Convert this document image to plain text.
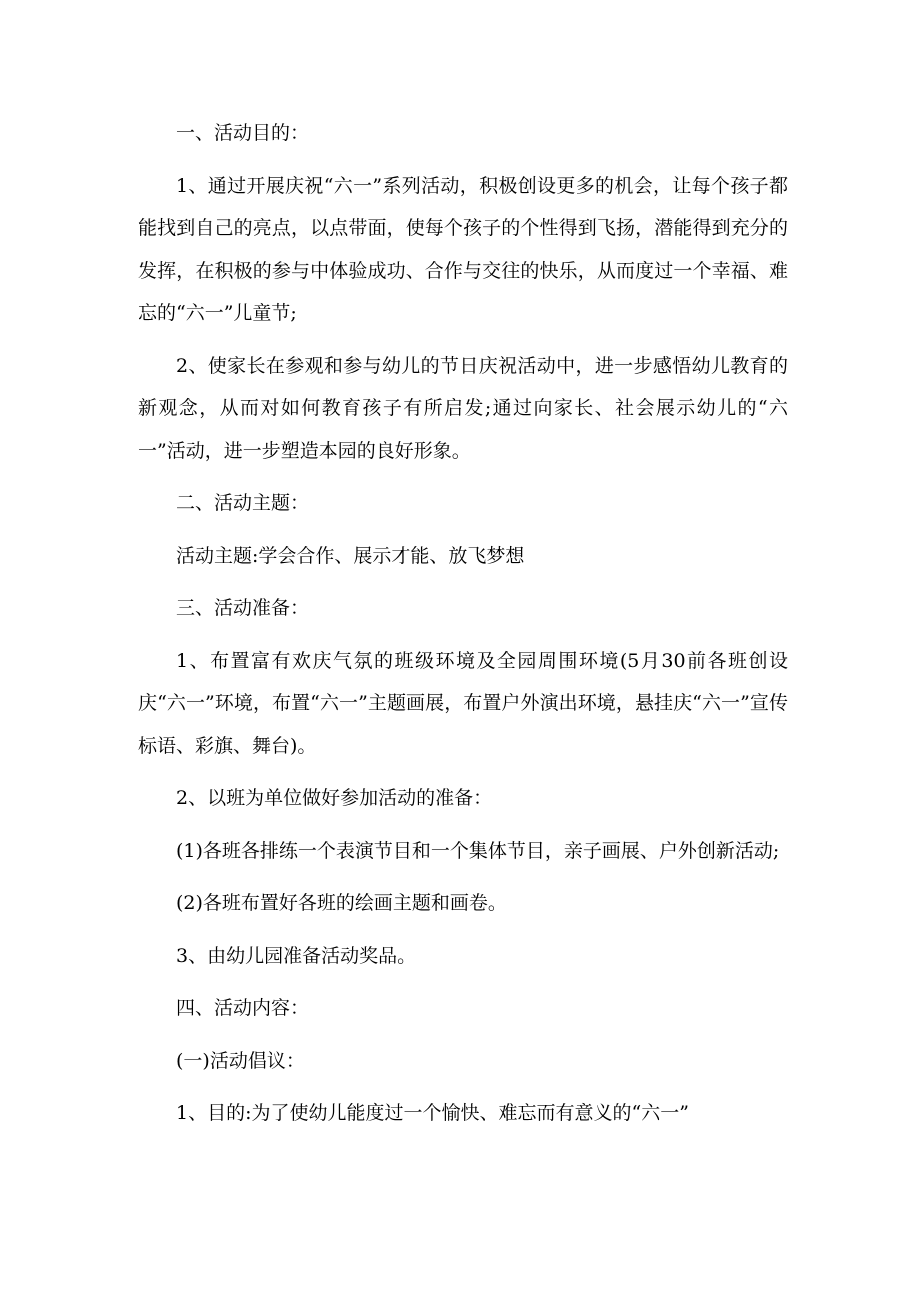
一、活动目的：

1、通过开展庆祝“六一”系列活动，积极创设更多的机会，让每个孩子都能找到自己的亮点，以点带面，使每个孩子的个性得到飞扬，潜能得到充分的发挥，在积极的参与中体验成功、合作与交往的快乐，从而度过一个幸福、难忘的“六一”儿童节;

2、使家长在参观和参与幼儿的节日庆祝活动中，进一步感悟幼儿教育的新观念，从而对如何教育孩子有所启发;通过向家长、社会展示幼儿的“六一”活动，进一步塑造本园的良好形象。

二、活动主题：

活动主题:学会合作、展示才能、放飞梦想

三、活动准备：

1、布置富有欢庆气氛的班级环境及全园周围环境(5月30前各班创设庆“六一”环境，布置“六一”主题画展，布置户外演出环境，悬挂庆“六一”宣传标语、彩旗、舞台)。

2、以班为单位做好参加活动的准备：

(1)各班各排练一个表演节目和一个集体节目，亲子画展、户外创新活动;

(2)各班布置好各班的绘画主题和画卷。

3、由幼儿园准备活动奖品。

四、活动内容：

(一)活动倡议：

1、目的:为了使幼儿能度过一个愉快、难忘而有意义的“六一”
